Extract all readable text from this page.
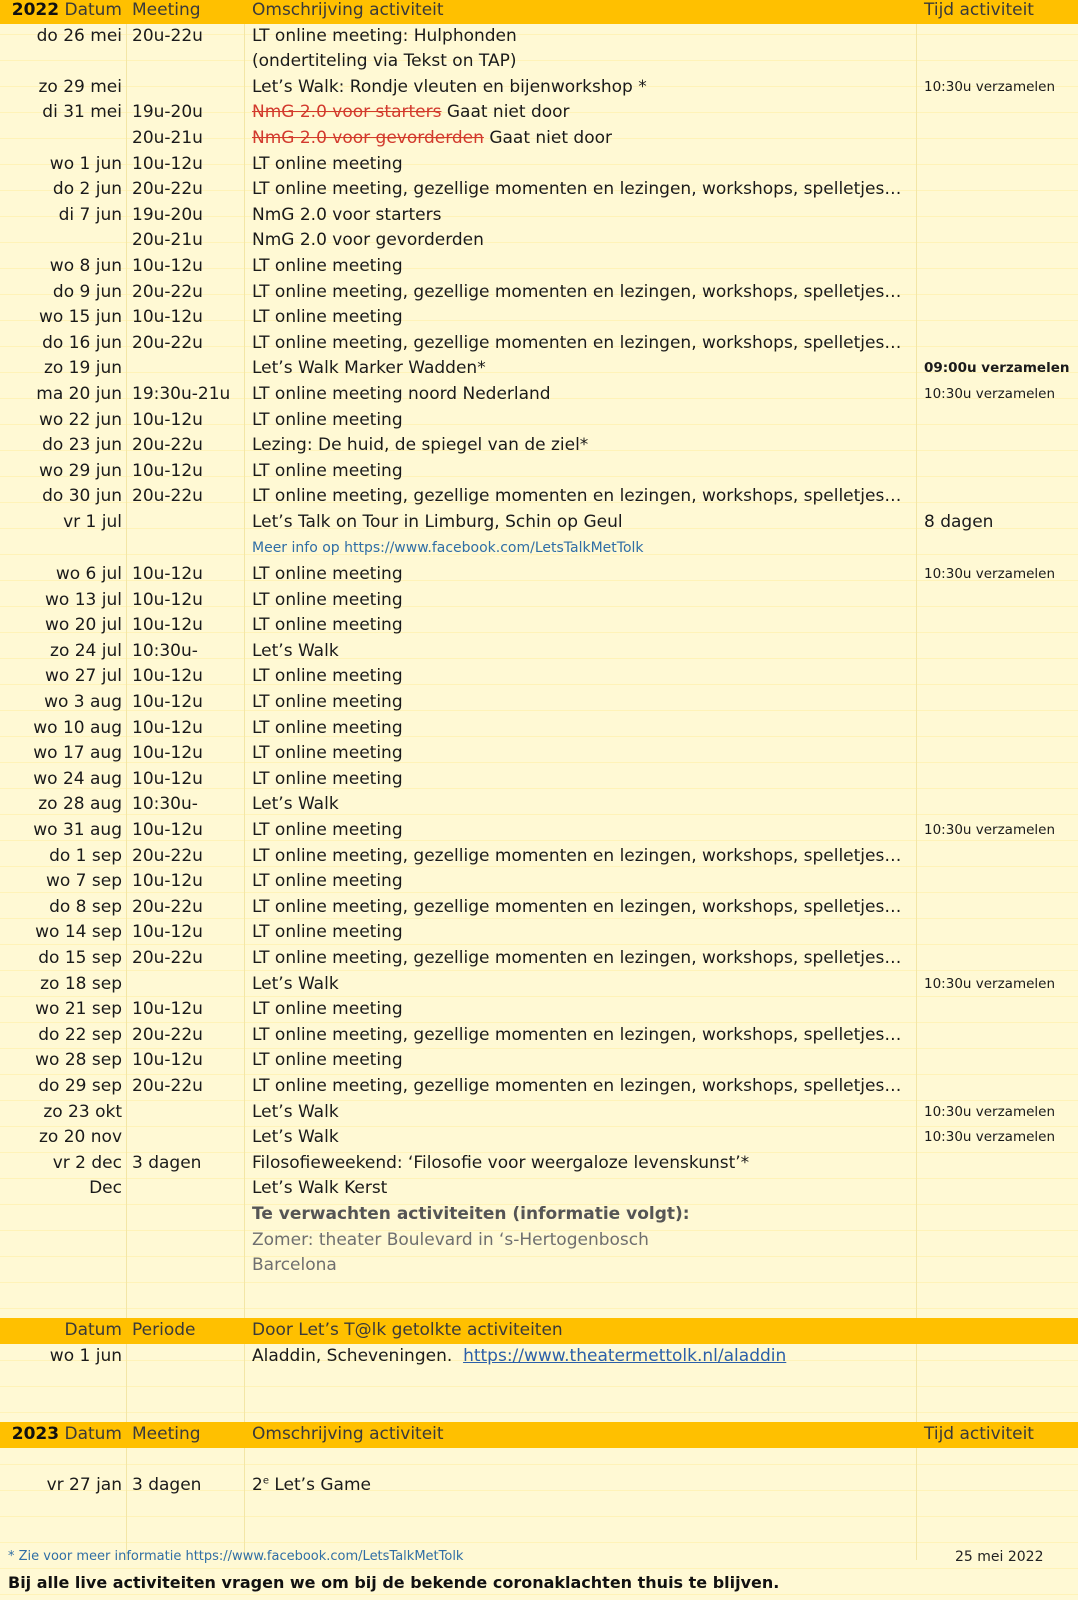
2022 Datum	Meeting	Omschrijving activiteit	Tijd activiteit
do 26 mei	20u-22u	LT online meeting: Hulphonden	
		(ondertiteling via Tekst on TAP)	
zo 29 mei		Let’s Walk: Rondje vleuten en bijenworkshop *	10:30u verzamelen
di 31 mei	19u-20u	NmG 2.0 voor starters Gaat niet door	
	20u-21u	NmG 2.0 voor gevorderden Gaat niet door	
wo 1 jun	10u-12u	LT online meeting	
do 2 jun	20u-22u	LT online meeting, gezellige momenten en lezingen, workshops, spelletjes…	
di 7 jun	19u-20u	NmG 2.0 voor starters	
	20u-21u	NmG 2.0 voor gevorderden	
wo 8 jun	10u-12u	LT online meeting	
do 9 jun	20u-22u	LT online meeting, gezellige momenten en lezingen, workshops, spelletjes…	
wo 15 jun	10u-12u	LT online meeting	
do 16 jun	20u-22u	LT online meeting, gezellige momenten en lezingen, workshops, spelletjes…	
zo 19 jun		Let’s Walk Marker Wadden*	09:00u verzamelen
ma 20 jun	19:30u-21u	LT online meeting noord Nederland	10:30u verzamelen
wo 22 jun	10u-12u	LT online meeting	
do 23 jun	20u-22u	Lezing: De huid, de spiegel van de ziel*	
wo 29 jun	10u-12u	LT online meeting	
do 30 jun	20u-22u	LT online meeting, gezellige momenten en lezingen, workshops, spelletjes…	
vr 1 jul		Let’s Talk on Tour in Limburg, Schin op Geul	8 dagen
		Meer info op https://www.facebook.com/LetsTalkMetTolk	
wo 6 jul	10u-12u	LT online meeting	10:30u verzamelen
wo 13 jul	10u-12u	LT online meeting	
wo 20 jul	10u-12u	LT online meeting	
zo 24 jul	10:30u-	Let’s Walk	
wo 27 jul	10u-12u	LT online meeting	
wo 3 aug	10u-12u	LT online meeting	
wo 10 aug	10u-12u	LT online meeting	
wo 17 aug	10u-12u	LT online meeting	
wo 24 aug	10u-12u	LT online meeting	
zo 28 aug	10:30u-	Let’s Walk	
wo 31 aug	10u-12u	LT online meeting	10:30u verzamelen
do 1 sep	20u-22u	LT online meeting, gezellige momenten en lezingen, workshops, spelletjes…	
wo 7 sep	10u-12u	LT online meeting	
do 8 sep	20u-22u	LT online meeting, gezellige momenten en lezingen, workshops, spelletjes…	
wo 14 sep	10u-12u	LT online meeting	
do 15 sep	20u-22u	LT online meeting, gezellige momenten en lezingen, workshops, spelletjes…	
zo 18 sep		Let’s Walk	10:30u verzamelen
wo 21 sep	10u-12u	LT online meeting	
do 22 sep	20u-22u	LT online meeting, gezellige momenten en lezingen, workshops, spelletjes…	
wo 28 sep	10u-12u	LT online meeting	
do 29 sep	20u-22u	LT online meeting, gezellige momenten en lezingen, workshops, spelletjes…	
zo 23 okt		Let’s Walk	10:30u verzamelen
zo 20 nov		Let’s Walk	10:30u verzamelen
vr 2 dec	3 dagen	Filosofieweekend: ‘Filosofie voor weergaloze levenskunst’*	
Dec		Let’s Walk Kerst	
		Te verwachten activiteiten (informatie volgt):	
		Zomer: theater Boulevard in ‘s-Hertogenbosch	
		Barcelona	
Datum	Periode	Door Let’s T@lk getolkte activiteiten	
wo 1 jun		Aladdin, Scheveningen. https://www.theatermettolk.nl/aladdin	
2023 Datum	Meeting	Omschrijving activiteit	Tijd activiteit

vr 27 jan	3 dagen	2e Let’s Game	
* Zie voor meer informatie https://www.facebook.com/LetsTalkMetTolk	25 mei 2022
Bij alle live activiteiten vragen we om bij de bekende coronaklachten thuis te blijven.
